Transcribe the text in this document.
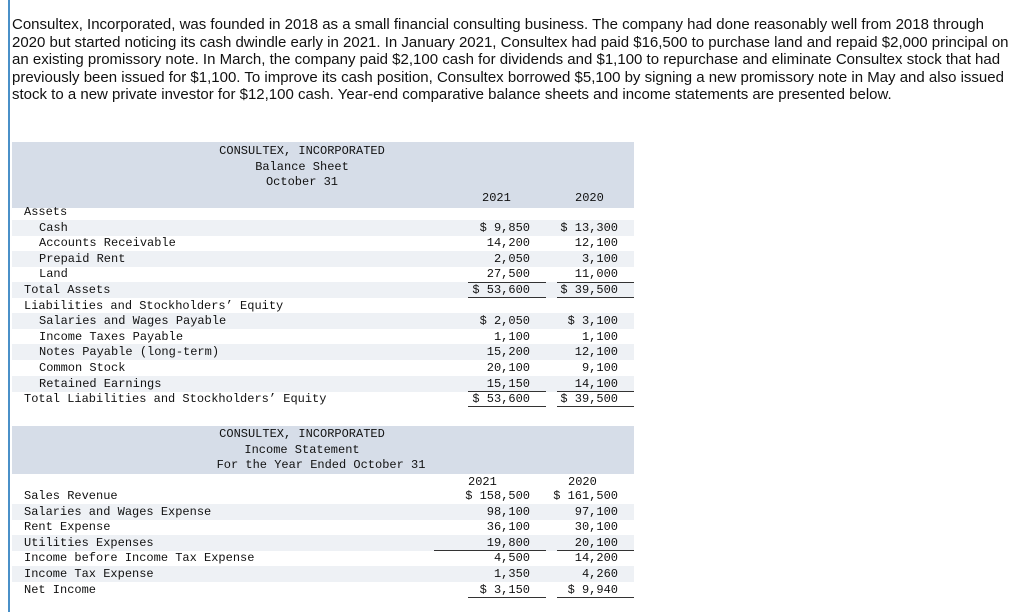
Consultex, Incorporated, was founded in 2018 as a small financial consulting business. The company had done reasonably well from 2018 through 2020 but started noticing its cash dwindle early in 2021. In January 2021, Consultex had paid $16,500 to purchase land and repaid $2,000 principal on an existing promissory note. In March, the company paid $2,100 cash for dividends and $1,100 to repurchase and eliminate Consultex stock that had previously been issued for $1,100. To improve its cash position, Consultex borrowed $5,100 by signing a new promissory note in May and also issued stock to a new private investor for $12,100 cash. Year-end comparative balance sheets and income statements are presented below.

CONSULTEX, INCORPORATED
Balance Sheet
October 31
2021	2020
Assets
Cash	$ 9,850	$ 13,300
Accounts Receivable	14,200	12,100
Prepaid Rent	2,050	3,100
Land	27,500	11,000
Total Assets	$ 53,600	$ 39,500
Liabilities and Stockholders’ Equity
Salaries and Wages Payable	$ 2,050	$ 3,100
Income Taxes Payable	1,100	1,100
Notes Payable (long-term)	15,200	12,100
Common Stock	20,100	9,100
Retained Earnings	15,150	14,100
Total Liabilities and Stockholders’ Equity	$ 53,600	$ 39,500
CONSULTEX, INCORPORATED
Income Statement
For the Year Ended October 31
2021	2020
Sales Revenue	$ 158,500 $ 161,500
Salaries and Wages Expense	98,100	97,100
Rent Expense	36,100	30,100
Utilities Expenses	19,800	20,100
Income before Income Tax Expense	4,500	14,200
Income Tax Expense	1,350	4,260
Net Income	$ 3,150	$ 9,940
